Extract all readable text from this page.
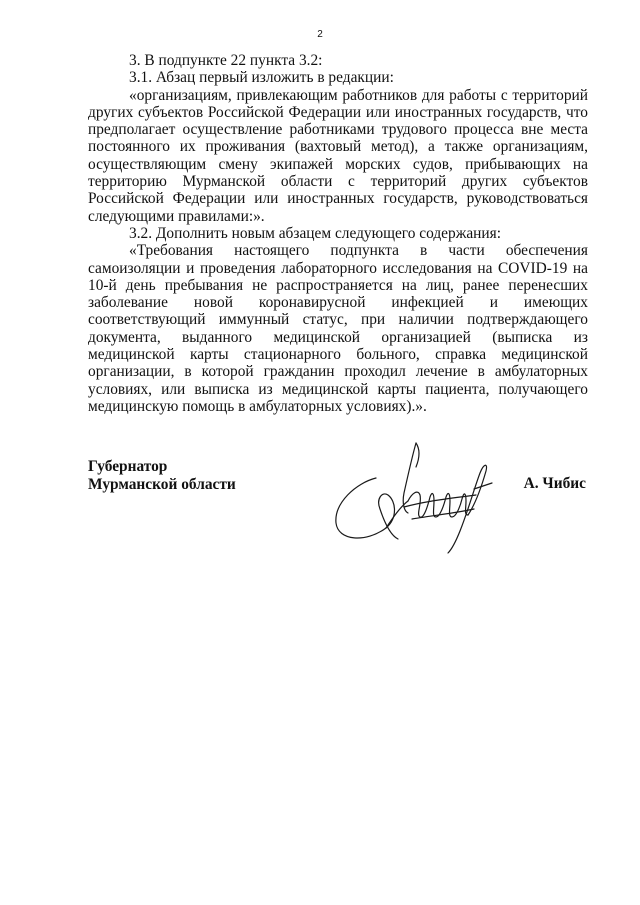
2

3. В подпункте 22 пункта 3.2:

3.1. Абзац первый изложить в редакции:

«организациям, привлекающим работников для работы с территорий других субъектов Российской Федерации или иностранных государств, что предполагает осуществление работниками трудового процесса вне места постоянного их проживания (вахтовый метод), а также организациям, осуществляющим смену экипажей морских судов, прибывающих на территорию Мурманской области с территорий других субъектов Российской Федерации или иностранных государств, руководствоваться следующими правилами:».

3.2. Дополнить новым абзацем следующего содержания:

«Требования настоящего подпункта в части обеспечения самоизоляции и проведения лабораторного исследования на COVID-19 на 10-й день пребывания не распространяется на лиц, ранее перенесших заболевание новой коронавирусной инфекцией и имеющих соответствующий иммунный статус, при наличии подтверждающего документа, выданного медицинской организацией (выписка из медицинской карты стационарного больного, справка медицинской организации, в которой гражданин проходил лечение в амбулаторных условиях, или выписка из медицинской карты пациента, получающего медицинскую помощь в амбулаторных условиях).».

Губернатор
Мурманской области	А. Чибис
